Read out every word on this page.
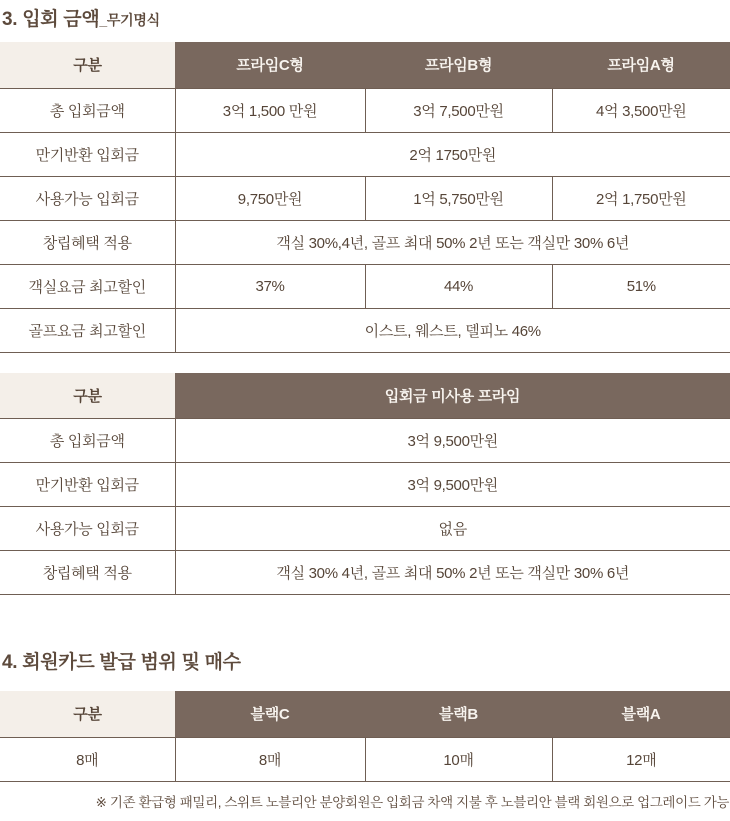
3. 입회 금액_무기명식
구분	프라임C형	프라임B형	프라임A형
총 입회금액	3억 1,500 만원	3억 7,500만원	4억 3,500만원
만기반환 입회금	2억 1750만원		
사용가능 입회금	9,750만원	1억 5,750만원	2억 1,750만원
창립혜택 적용	객실 30%,4년, 골프 최대 50% 2년 또는 객실만 30% 6년		
객실요금 최고할인	37%	44%	51%
골프요금 최고할인	이스트, 웨스트, 델피노 46%		
구분	입회금 미사용 프라임
총 입회금액	3억 9,500만원
만기반환 입회금	3억 9,500만원
사용가능 입회금	없음
창립혜택 적용	객실 30% 4년, 골프 최대 50% 2년 또는 객실만 30% 6년
4. 회원카드 발급 범위 및 매수
구분	블랙C	블랙B	블랙A
8매	8매	10매	12매

※ 기존 환급형 패밀리, 스위트 노블리안 분양회원은 입회금 차액 지불 후 노블리안 블랙 회원으로 업그레이드 가능
